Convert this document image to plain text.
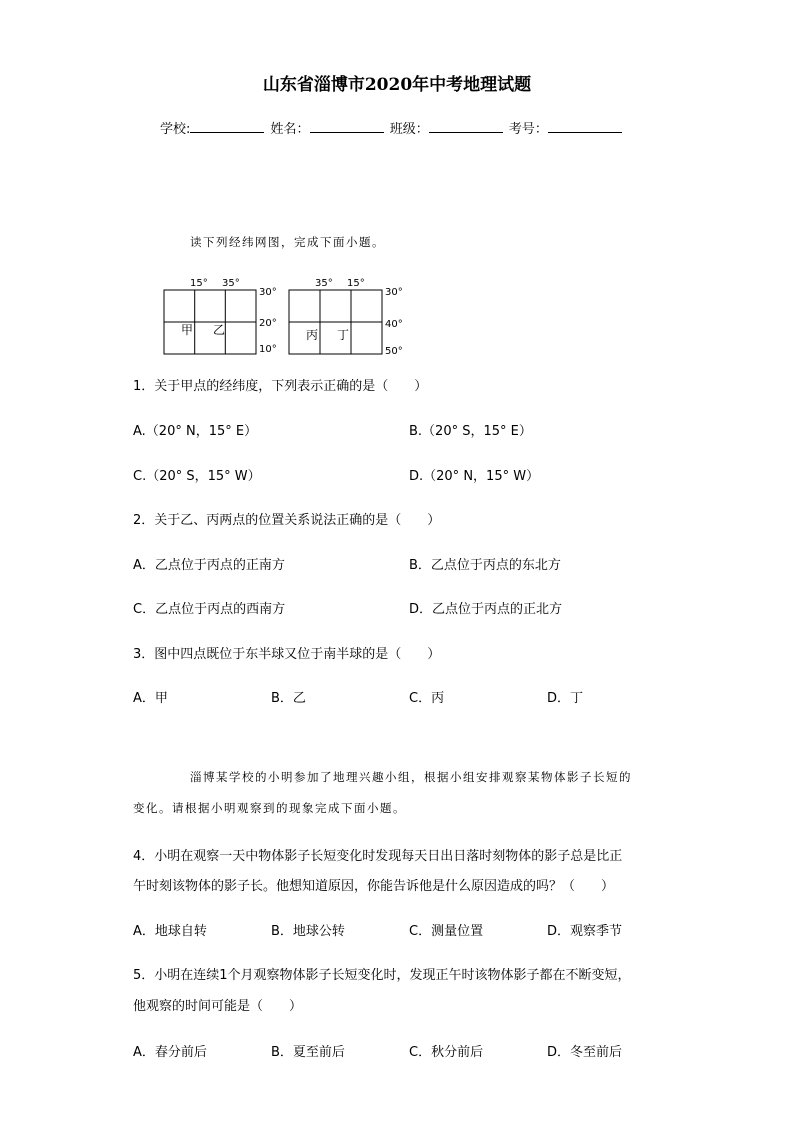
山东省淄博市2020年中考地理试题
学校:	姓名：	班级：	考号：
读下列经纬网图，完成下面小题。
15° 35°
30°
20°
10°
甲 乙
35° 15°
30°
40°
50°
丙 丁
1．关于甲点的经纬度，下列表示正确的是（　　）
A.（20° N，15° E）	B.（20° S，15° E）
C.（20° S，15° W）	D.（20° N，15° W）
2．关于乙、丙两点的位置关系说法正确的是（　　）
A．乙点位于丙点的正南方	B．乙点位于丙点的东北方
C．乙点位于丙点的西南方	D．乙点位于丙点的正北方
3．图中四点既位于东半球又位于南半球的是（　　）
A．甲	B．乙	C．丙	D．丁
淄博某学校的小明参加了地理兴趣小组，根据小组安排观察某物体影子长短的
变化。请根据小明观察到的现象完成下面小题。
4．小明在观察一天中物体影子长短变化时发现每天日出日落时刻物体的影子总是比正
午时刻该物体的影子长。他想知道原因，你能告诉他是什么原因造成的吗？（　　）
A．地球自转	B．地球公转	C．测量位置	D．观察季节
5．小明在连续1个月观察物体影子长短变化时，发现正午时该物体影子都在不断变短，
他观察的时间可能是（　　）
A．春分前后	B．夏至前后	C．秋分前后	D．冬至前后
